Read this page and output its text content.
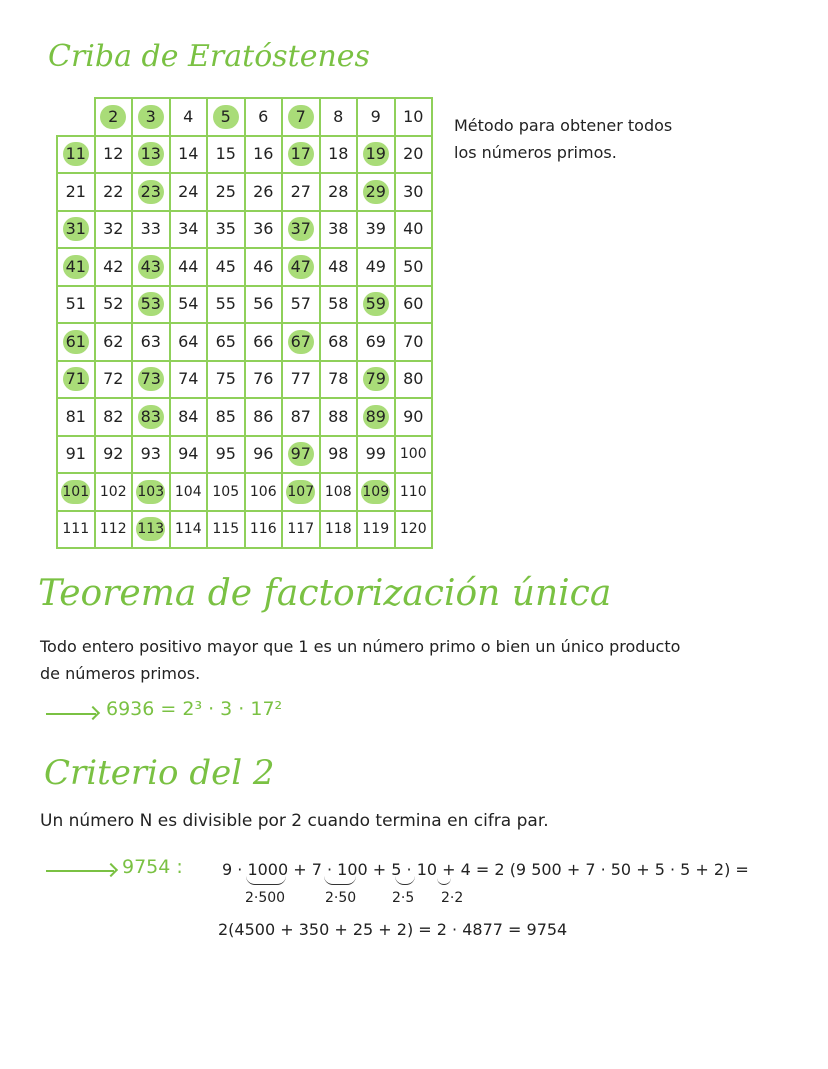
Criba de Eratóstenes
	2	3	4	5	6	7	8	9	10
11	12	13	14	15	16	17	18	19	20
21	22	23	24	25	26	27	28	29	30
31	32	33	34	35	36	37	38	39	40
41	42	43	44	45	46	47	48	49	50
51	52	53	54	55	56	57	58	59	60
61	62	63	64	65	66	67	68	69	70
71	72	73	74	75	76	77	78	79	80
81	82	83	84	85	86	87	88	89	90
91	92	93	94	95	96	97	98	99	100
101	102	103	104	105	106	107	108	109	110
111	112	113	114	115	116	117	118	119	120
Método para obtener todos
los números primos.
Teorema de factorización única
Todo entero positivo mayor que 1 es un número primo o bien un único producto
de números primos.
6936 = 2³ · 3 · 17²
Criterio del 2
Un número N es divisible por 2 cuando termina en cifra par.
9754 : 9 · 1000 + 7 · 100 + 5 · 10 + 4 = 2 (9 500 + 7 · 50 + 5 · 5 + 2) =
2·500	2·50	2·5 2·2
2(4500 + 350 + 25 + 2) = 2 · 4877 = 9754
